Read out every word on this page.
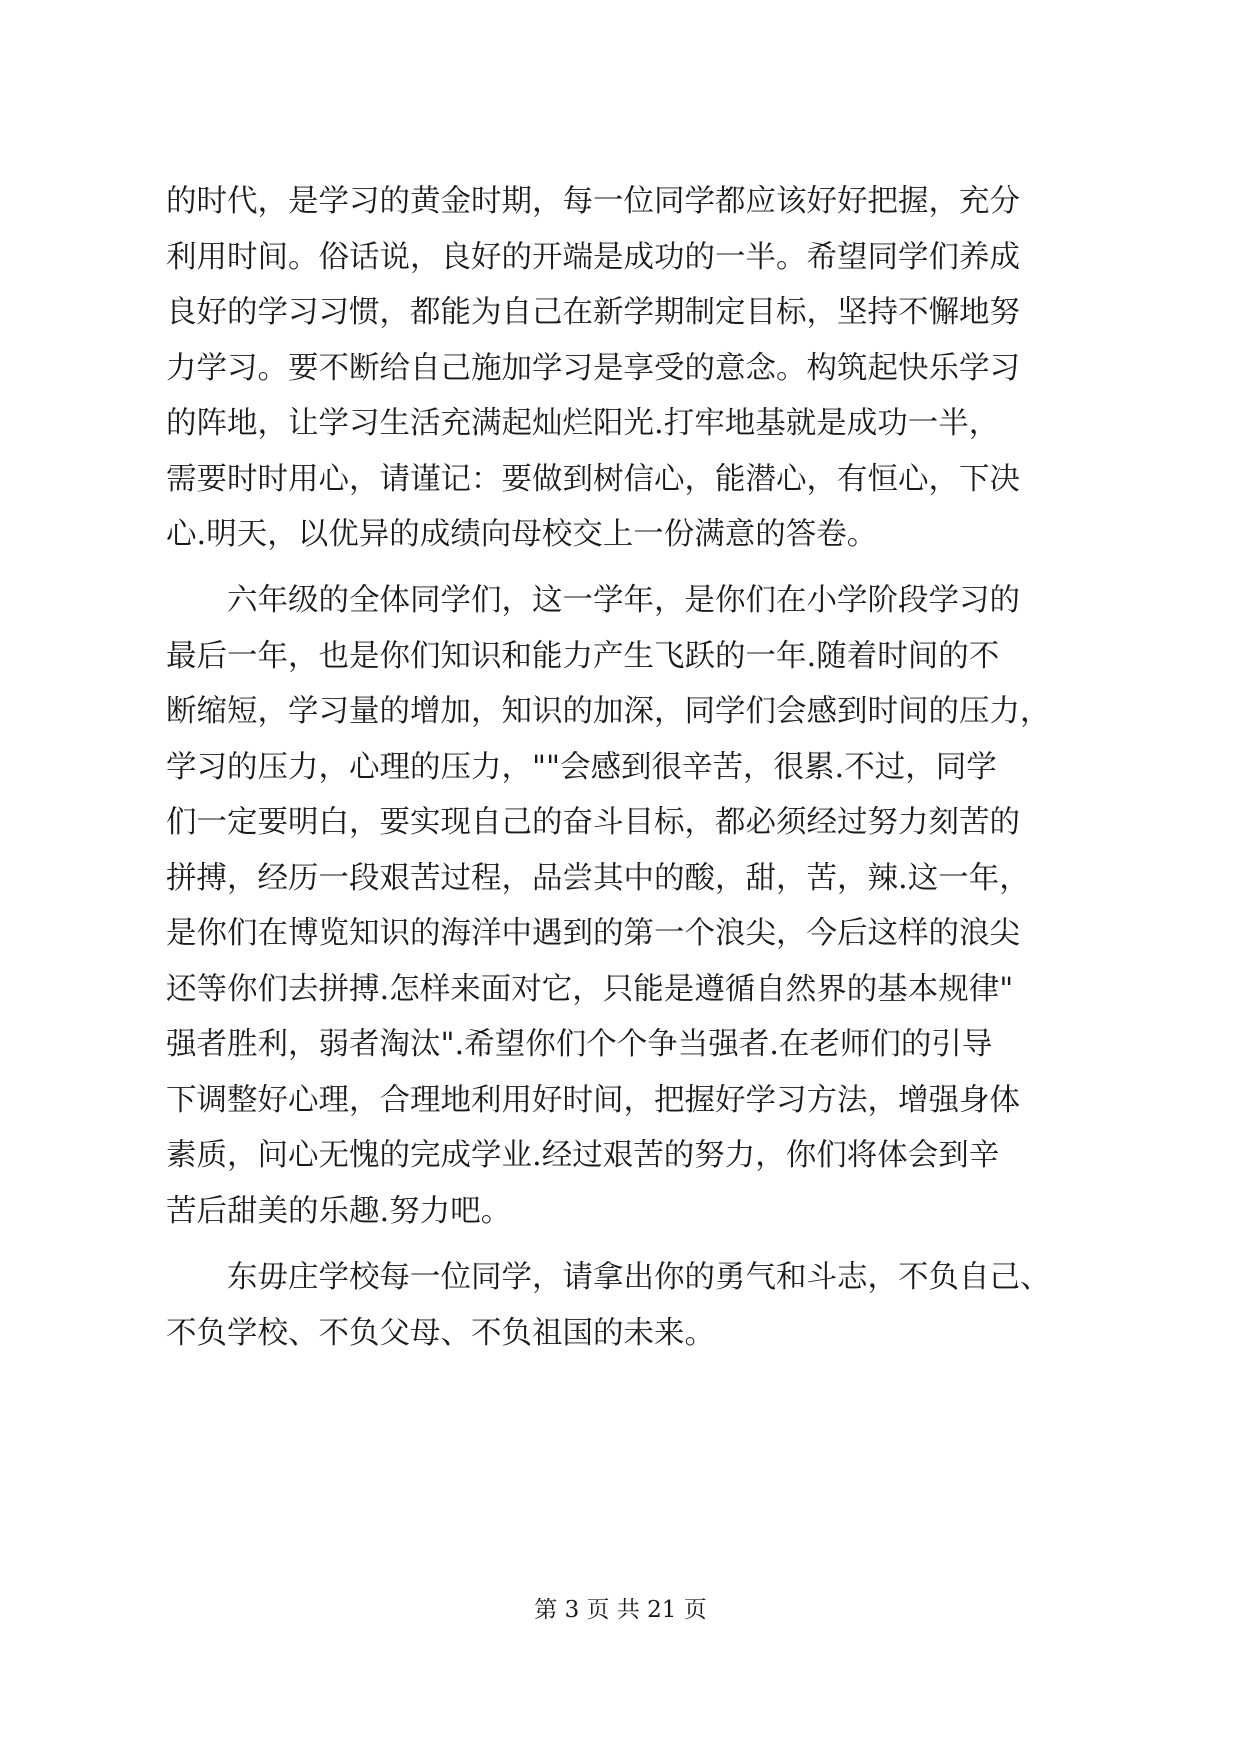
的时代，是学习的黄金时期，每一位同学都应该好好把握，充分
利用时间。俗话说，良好的开端是成功的一半。希望同学们养成
良好的学习习惯，都能为自己在新学期制定目标，坚持不懈地努
力学习。要不断给自己施加学习是享受的意念。构筑起快乐学习
的阵地，让学习生活充满起灿烂阳光.打牢地基就是成功一半，
需要时时用心，请谨记：要做到树信心，能潜心，有恒心，下决
心.明天，以优异的成绩向母校交上一份满意的答卷。
六年级的全体同学们，这一学年，是你们在小学阶段学习的
最后一年，也是你们知识和能力产生飞跃的一年.随着时间的不
断缩短，学习量的增加，知识的加深，同学们会感到时间的压力，
学习的压力，心理的压力，""会感到很辛苦，很累.不过，同学
们一定要明白，要实现自己的奋斗目标，都必须经过努力刻苦的
拼搏，经历一段艰苦过程，品尝其中的酸，甜，苦，辣.这一年，
是你们在博览知识的海洋中遇到的第一个浪尖，今后这样的浪尖
还等你们去拼搏.怎样来面对它，只能是遵循自然界的基本规律"
强者胜利，弱者淘汰".希望你们个个争当强者.在老师们的引导
下调整好心理，合理地利用好时间，把握好学习方法，增强身体
素质，问心无愧的完成学业.经过艰苦的努力，你们将体会到辛
苦后甜美的乐趣.努力吧。
东毋庄学校每一位同学，请拿出你的勇气和斗志，不负自己、
不负学校、不负父母、不负祖国的未来。
第 3 页 共 21 页
